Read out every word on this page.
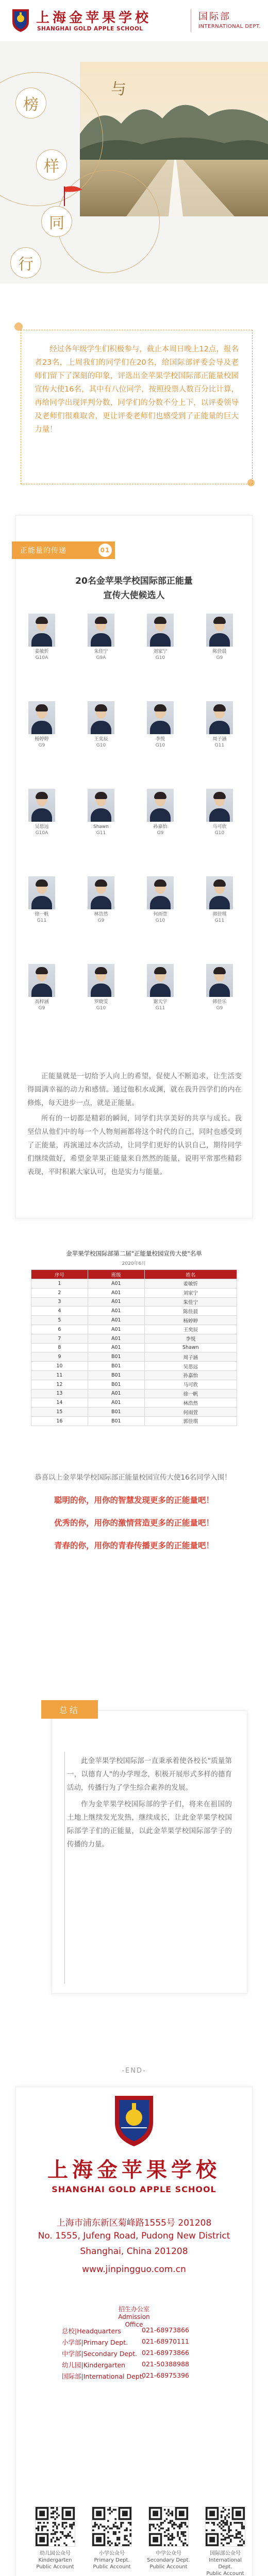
上海金苹果学校
SHANGHAI GOLD APPLE SCHOOL
国际部
INTERNATIONAL DEPT.
榜
样
与
同
行

经过各年级学生们积极参与，截止本周日晚上12点，报名者23名，上周我们的同学们在20名，给国际部评委会导及老师们留下了深刻的印象，评选出金苹果学校国际部正能量校园宣传大使16名，其中有八位同学，按照投票人数百分比计算，再给同学出现评判分数，同学们的分数不分上下，以评委领导及老师们很难取舍，更让评委老师们也感受到了正能量的巨大力量！

正能量的传递	01
20名金苹果学校国际部正能量
宣传大使候选人
姜敏忻
G10A
朱佳宁
G9A
刘家宁
G10
陈佳晨
G9
杨婷婷
G9
王奕辰
G10
李悦
G10
周子涵
G11
吴思远
G10A
Shawn
G11
孙嘉怡
G9
马可欣
G10
徐一帆
G11
林浩然
G9
何雨萱
G10
郭佳琪
G11
高梓涵
G9
罗晓雯
G10
谢天宇
G11
韩佳乐
G9

正能量就是一切给予人向上的希望，促使人不断追求，让生活变得圆满幸福的动力和感情。通过他积水成渊，就在我升四学们的内在修炼，每天进步一点，就是正能量。

所有的一切都是精彩的瞬间，同学们共享美好的共享与成长。我坚信从他们中的每一个人物刻画都将这个时代的自己，同时也感受到了正能量，再演递过本次活动，让同学们更好的认识自己，期待同学们继续做好，希望金苹果正能量来自然然的能量，说明平常那些精彩表现，平时积累大家认可，也是实力与能量。

金苹果学校国际部第二届"正能量校园宣传大使"名单
2020年6月
序号	班级	姓名
1	A01	姜敏忻
2	A01	刘家宁
3	A01	朱佳宁
4	A01	陈佳晨
5	A01	杨婷婷
6	A01	王奕辰
7	A01	李悦
8	A01	Shawn
9	B01	周子涵
10	B01	吴思远
11	B01	孙嘉怡
12	B01	马可欣
13	A01	徐一帆
14	A01	林浩然
15	B01	何雨萱
16	B01	郭佳琪

恭喜以上金苹果学校国际部正能量校园宣传大使16名同学入围！

聪明的你，用你的智慧发现更多的正能量吧！

优秀的你，用你的激情营造更多的正能量吧！

青春的你，用你的青春传播更多的正能量吧！

总结

此金苹果学校国际部一直秉承着使各校长"质量第一，以德育人"的办学理念，积极开展形式多样的德育活动，传播行为了学生综合素养的发展。

作为金苹果学校国际部的学子们，将来在祖国的土地上继续发光发热，继续成长，让此金苹果学校国际部学子们的正能量，以此金苹果学校国际部学子的传播的力量。

-END-
上海金苹果学校
SHANGHAI GOLD APPLE SCHOOL
上海市浦东新区菊峰路1555号 201208
No. 1555, Jufeng Road, Pudong New District
Shanghai, China 201208
www.jinpingguo.com.cn
招生办公室
Admission Office
总校|Headquarters	021-68973866
小学部|Primary Dept. 021-68970111
中学部|Secondary Dept. 021-68973866
幼儿园|Kindergarten	021-50388988
国际部|International Dept.
021-68975396
幼儿园公众号
Kindergarten
Public Account
小学公众号
Primary Dept.
Public Account
中学公众号
Secondary Dept.
Public Account
国际部公众号
International Dept.
Public Account
